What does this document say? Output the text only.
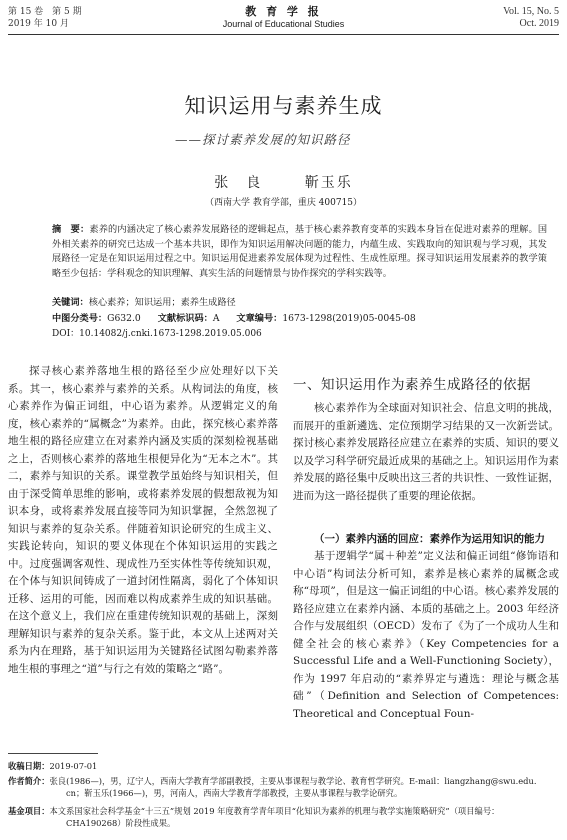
第 15 卷　第 5 期
2019 年 10 月
教 育 学 报
Journal of Educational Studies
Vol. 15, No. 5
Oct. 2019
知识运用与素养生成
——探讨素养发展的知识路径
张　良	靳玉乐
（西南大学 教育学部，重庆 400715）
摘　要：素养的内涵决定了核心素养发展路径的逻辑起点，基于核心素养教育变革的实践本身旨在促进对素养的理解。国外相关素养的研究已达成一个基本共识，即作为知识运用解决问题的能力，内蕴生成、实践取向的知识观与学习观，其发展路径一定是在知识运用过程之中。知识运用促进素养发展体现为过程性、生成性原理。探寻知识运用发展素养的教学策略至少包括：学科观念的知识理解、真实生活的问题情景与协作探究的学科实践等。
关键词：核心素养；知识运用；素养生成路径
中图分类号：G632.0 文献标识码：A 文章编号：1673-1298(2019)05-0045-08
DOI：10.14082/j.cnki.1673-1298.2019.05.006

探寻核心素养落地生根的路径至少应处理好以下关系。其一，核心素养与素养的关系。从构词法的角度，核心素养作为偏正词组，中心语为素养。从逻辑定义的角度，核心素养的“属概念”为素养。由此，探究核心素养落地生根的路径应建立在对素养内涵及实质的深刻检视基础之上，否则核心素养的落地生根便异化为“无本之木”。其二，素养与知识的关系。课堂教学虽始终与知识相关，但由于深受简单思维的影响，或将素养发展的假想敌视为知识本身，或将素养发展直接等同为知识掌握，全然忽视了知识与素养的复杂关系。伴随着知识论研究的生成主义、实践论转向，知识的要义体现在个体知识运用的实践之中。过度强调客观性、现成性乃至实体性等传统知识观，在个体与知识间铸成了一道封闭性隔离，弱化了个体知识迁移、运用的可能，因而难以构成素养生成的知识基础。在这个意义上，我们应在重建传统知识观的基础上，深刻理解知识与素养的复杂关系。鉴于此，本文从上述两对关系为内在理路，基于知识运用为关键路径试图勾勒素养落地生根的事理之“道”与行之有效的策略之“路”。

一、知识运用作为素养生成路径的依据

核心素养作为全球面对知识社会、信息文明的挑战，而展开的重新遴选、定位预期学习结果的又一次新尝试。探讨核心素养发展路径应建立在素养的实质、知识的要义以及学习科学研究最近成果的基础之上。知识运用作为素养发展的路径集中反映出这三者的共识性、一致性证据，进而为这一路径提供了重要的理论依据。

（一）素养内涵的回应：素养作为运用知识的能力

基于逻辑学“属＋种差”定义法和偏正词组“修饰语和中心语”构词法分析可知，素养是核心素养的属概念或称“母项”，但是这一偏正词组的中心语。核心素养发展的路径应建立在素养内涵、本质的基础之上。2003 年经济合作与发展组织（OECD）发布了《为了一个成功人生和健全社会的核心素养》（Key Competencies for a Successful Life and a Well-Functioning Society），作为 1997 年启动的“素养界定与遴选：理论与概念基础”（Definition and Selection of Competences: Theoretical and Conceptual Foun-

收稿日期：2019-07-01
作者简介：张良(1986—)，男，辽宁人，西南大学教育学部副教授，主要从事课程与教学论、教育哲学研究。E-mail：liangzhang@swu.edu.
cn；靳玉乐(1966—)，男，河南人，西南大学教育学部教授，主要从事课程与教学论研究。
基金项目：本文系国家社会科学基金“十三五”规划 2019 年度教育学青年项目“化知识为素养的机理与教学实施策略研究”（项目编号：
CHA190268）阶段性成果。
